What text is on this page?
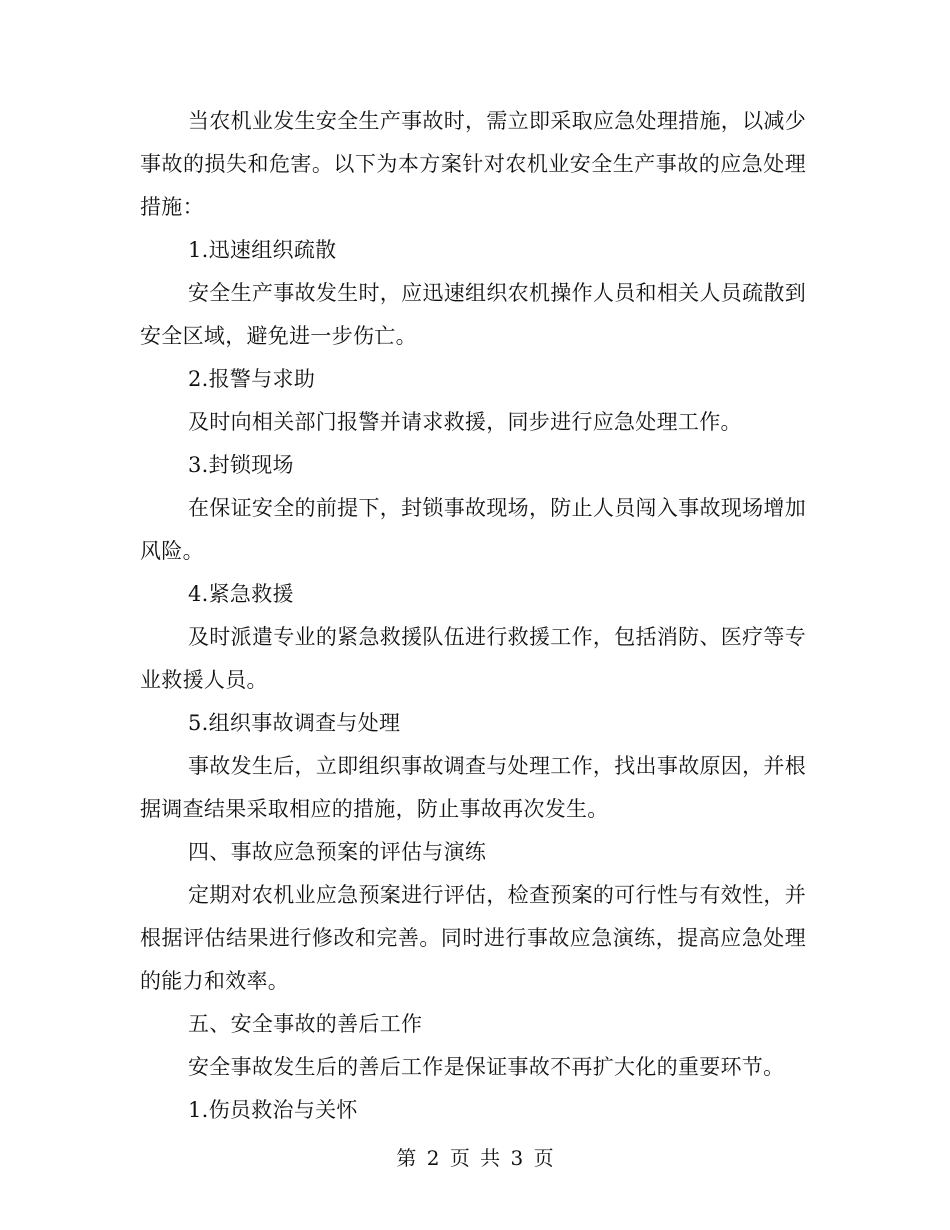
当农机业发生安全生产事故时，需立即采取应急处理措施，以减少事故的损失和危害。以下为本方案针对农机业安全生产事故的应急处理措施：

1.迅速组织疏散

安全生产事故发生时，应迅速组织农机操作人员和相关人员疏散到安全区域，避免进一步伤亡。

2.报警与求助

及时向相关部门报警并请求救援，同步进行应急处理工作。

3.封锁现场

在保证安全的前提下，封锁事故现场，防止人员闯入事故现场增加风险。

4.紧急救援

及时派遣专业的紧急救援队伍进行救援工作，包括消防、医疗等专业救援人员。

5.组织事故调查与处理

事故发生后，立即组织事故调查与处理工作，找出事故原因，并根据调查结果采取相应的措施，防止事故再次发生。

四、事故应急预案的评估与演练

定期对农机业应急预案进行评估，检查预案的可行性与有效性，并根据评估结果进行修改和完善。同时进行事故应急演练，提高应急处理的能力和效率。

五、安全事故的善后工作

安全事故发生后的善后工作是保证事故不再扩大化的重要环节。

1.伤员救治与关怀

第 2 页 共 3 页
